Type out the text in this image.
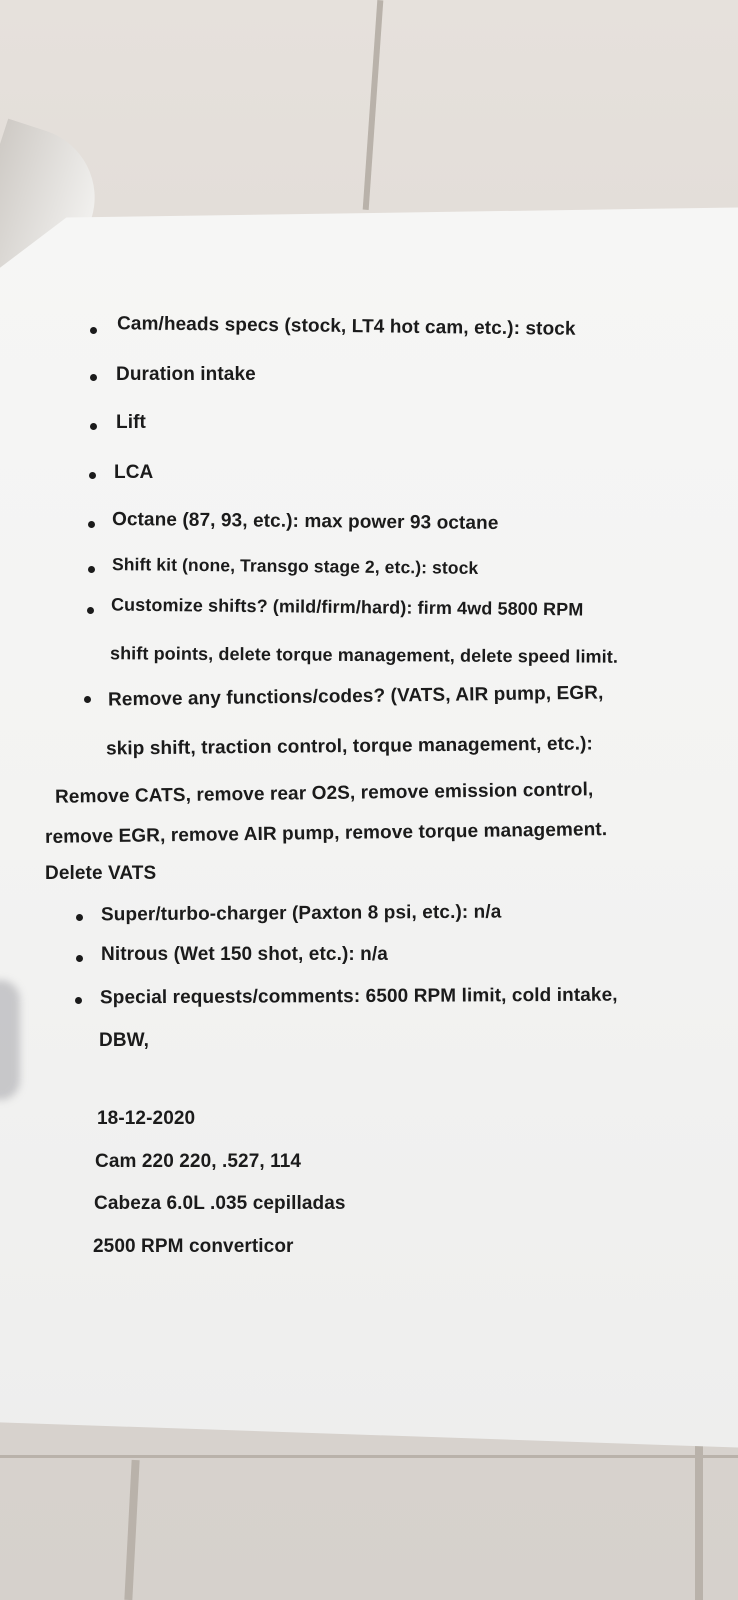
Cam/heads specs (stock, LT4 hot cam, etc.): stock
Duration intake
Lift
LCA
Octane (87, 93, etc.): max power 93 octane
Shift kit (none, Transgo stage 2, etc.): stock
Customize shifts? (mild/firm/hard): firm 4wd 5800 RPM
shift points, delete torque management, delete speed limit.
Remove any functions/codes? (VATS, AIR pump, EGR,
skip shift, traction control, torque management, etc.):
Remove CATS, remove rear O2S, remove emission control,
remove EGR, remove AIR pump, remove torque management.
Delete VATS
Super/turbo-charger (Paxton 8 psi, etc.): n/a
Nitrous (Wet 150 shot, etc.): n/a
Special requests/comments: 6500 RPM limit, cold intake,
DBW,
18-12-2020
Cam 220 220, .527, 114
Cabeza 6.0L .035 cepilladas
2500 RPM converticor
